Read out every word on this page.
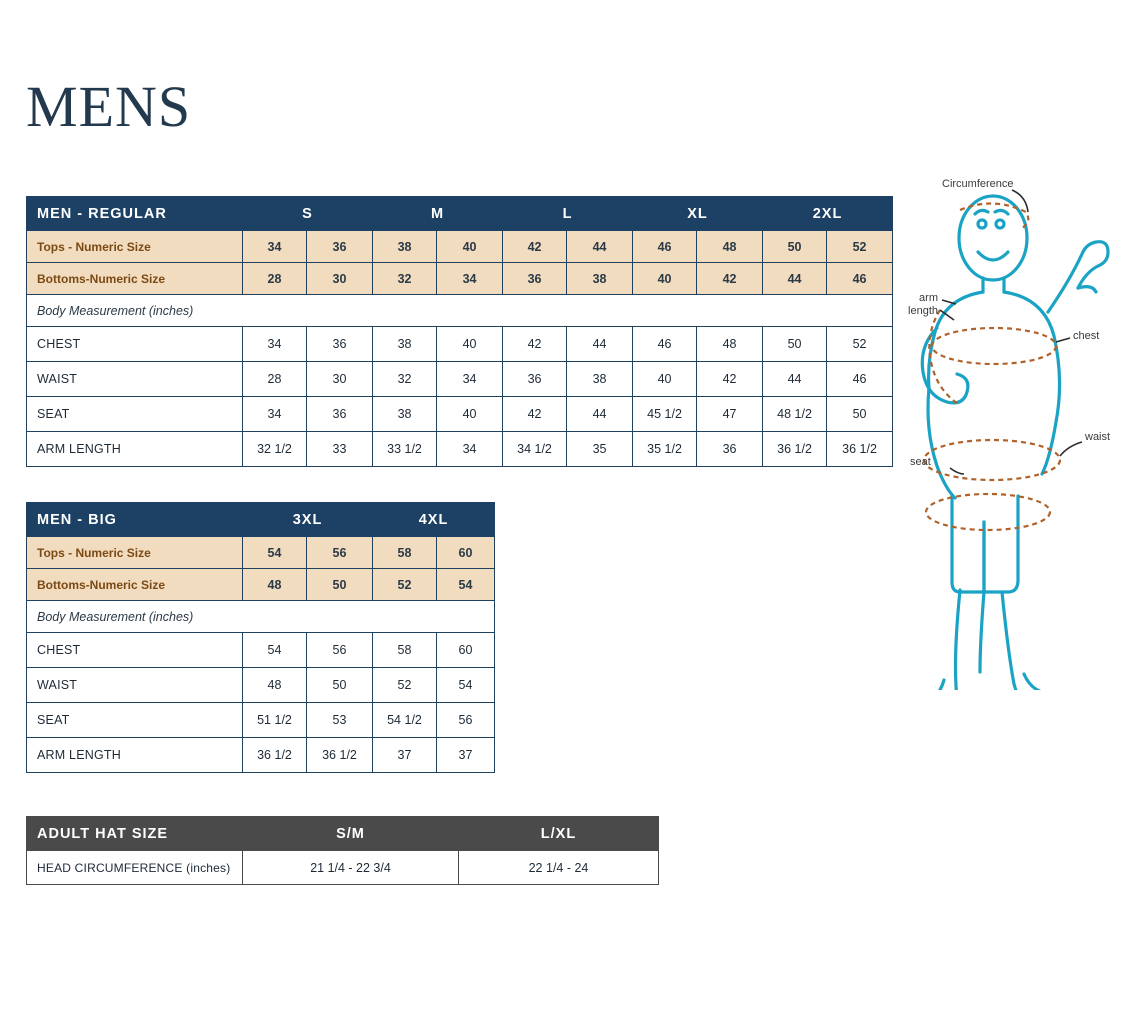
MENS
MEN - REGULAR	S		M		L		XL		2XL	
Tops - Numeric Size	34	36	38	40	42	44	46	48	50	52
Bottoms-Numeric Size	28	30	32	34	36	38	40	42	44	46
Body Measurement (inches)										
CHEST	34	36	38	40	42	44	46	48	50	52
WAIST	28	30	32	34	36	38	40	42	44	46
SEAT	34	36	38	40	42	44	45 1/2	47	48 1/2	50
ARM LENGTH	32 1/2	33	33 1/2	34	34 1/2	35	35 1/2	36	36 1/2	36 1/2
MEN - BIG	3XL		4XL	
Tops - Numeric Size	54	56	58	60
Bottoms-Numeric Size	48	50	52	54
Body Measurement (inches)				
CHEST	54	56	58	60
WAIST	48	50	52	54
SEAT	51 1/2	53	54 1/2	56
ARM LENGTH	36 1/2	36 1/2	37	37
ADULT HAT SIZE	S/M	L/XL
HEAD CIRCUMFERENCE (inches)	21 1/4 - 22 3/4	22 1/4 - 24
Circumference
arm length
chest
waist
seat
